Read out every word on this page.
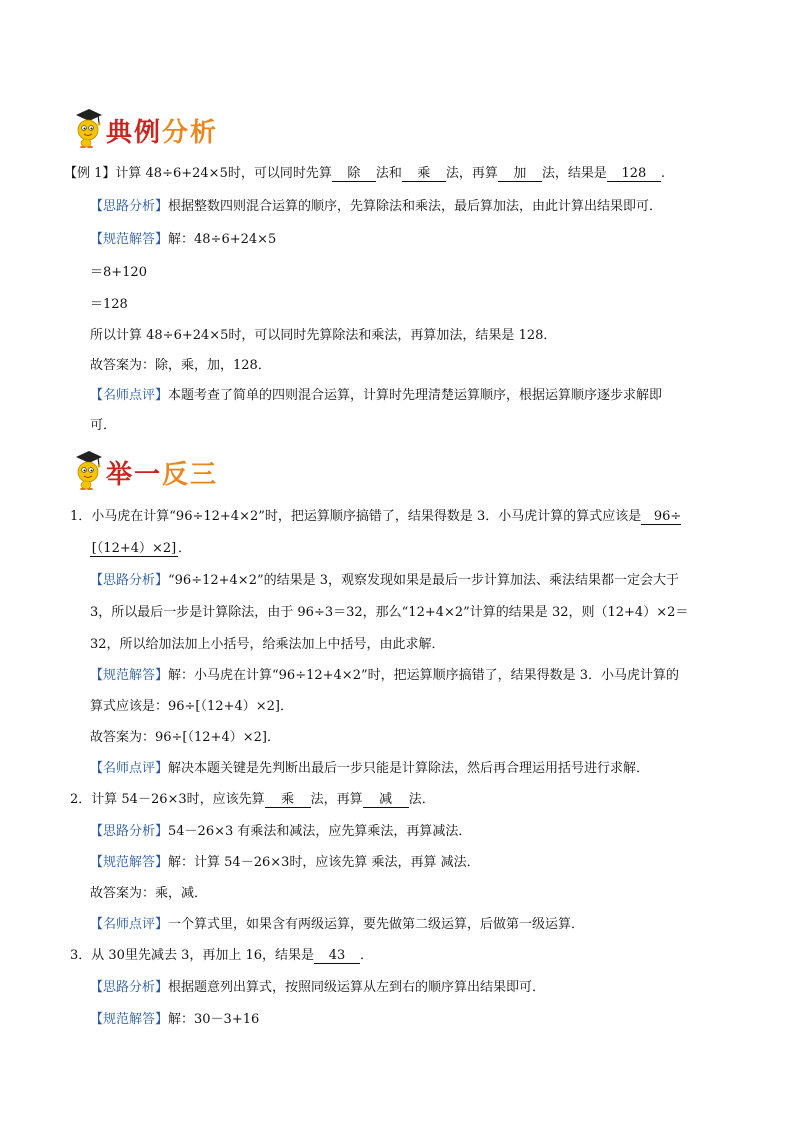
典例分析
【例 1】计算 48÷6+24×5时，可以同时先算 除 法和 乘 法，再算 加 法，结果是 128 .
【思路分析】根据整数四则混合运算的顺序，先算除法和乘法，最后算加法，由此计算出结果即可．
【规范解答】解：48÷6+24×5
＝8+120
＝128
所以计算 48÷6+24×5时，可以同时先算除法和乘法，再算加法，结果是 128．
故答案为：除，乘，加，128．
【名师点评】本题考查了简单的四则混合运算，计算时先理清楚运算顺序，根据运算顺序逐步求解即
可．
举一反三
1．小马虎在计算“96÷12+4×2”时，把运算顺序搞错了，结果得数是 3．小马虎计算的算式应该是 96÷
[（12+4）×2] ．
【思路分析】“96÷12+4×2”的结果是 3，观察发现如果是最后一步计算加法、乘法结果都一定会大于
3，所以最后一步是计算除法，由于 96÷3＝32，那么“12+4×2”计算的结果是 32，则（12+4）×2＝
32，所以给加法加上小括号，给乘法加上中括号，由此求解．
【规范解答】解：小马虎在计算“96÷12+4×2”时，把运算顺序搞错了，结果得数是 3．小马虎计算的
算式应该是：96÷[（12+4）×2]．
故答案为：96÷[（12+4）×2]．
【名师点评】解决本题关键是先判断出最后一步只能是计算除法，然后再合理运用括号进行求解．
2．计算 54－26×3时，应该先算 乘 法，再算 减 法．
【思路分析】54－26×3 有乘法和减法，应先算乘法，再算减法．
【规范解答】解：计算 54－26×3时，应该先算 乘法，再算 减法．
故答案为：乘，减．
【名师点评】一个算式里，如果含有两级运算，要先做第二级运算，后做第一级运算．
3．从 30里先减去 3，再加上 16，结果是 43 ．
【思路分析】根据题意列出算式，按照同级运算从左到右的顺序算出结果即可．
【规范解答】解：30－3+16
